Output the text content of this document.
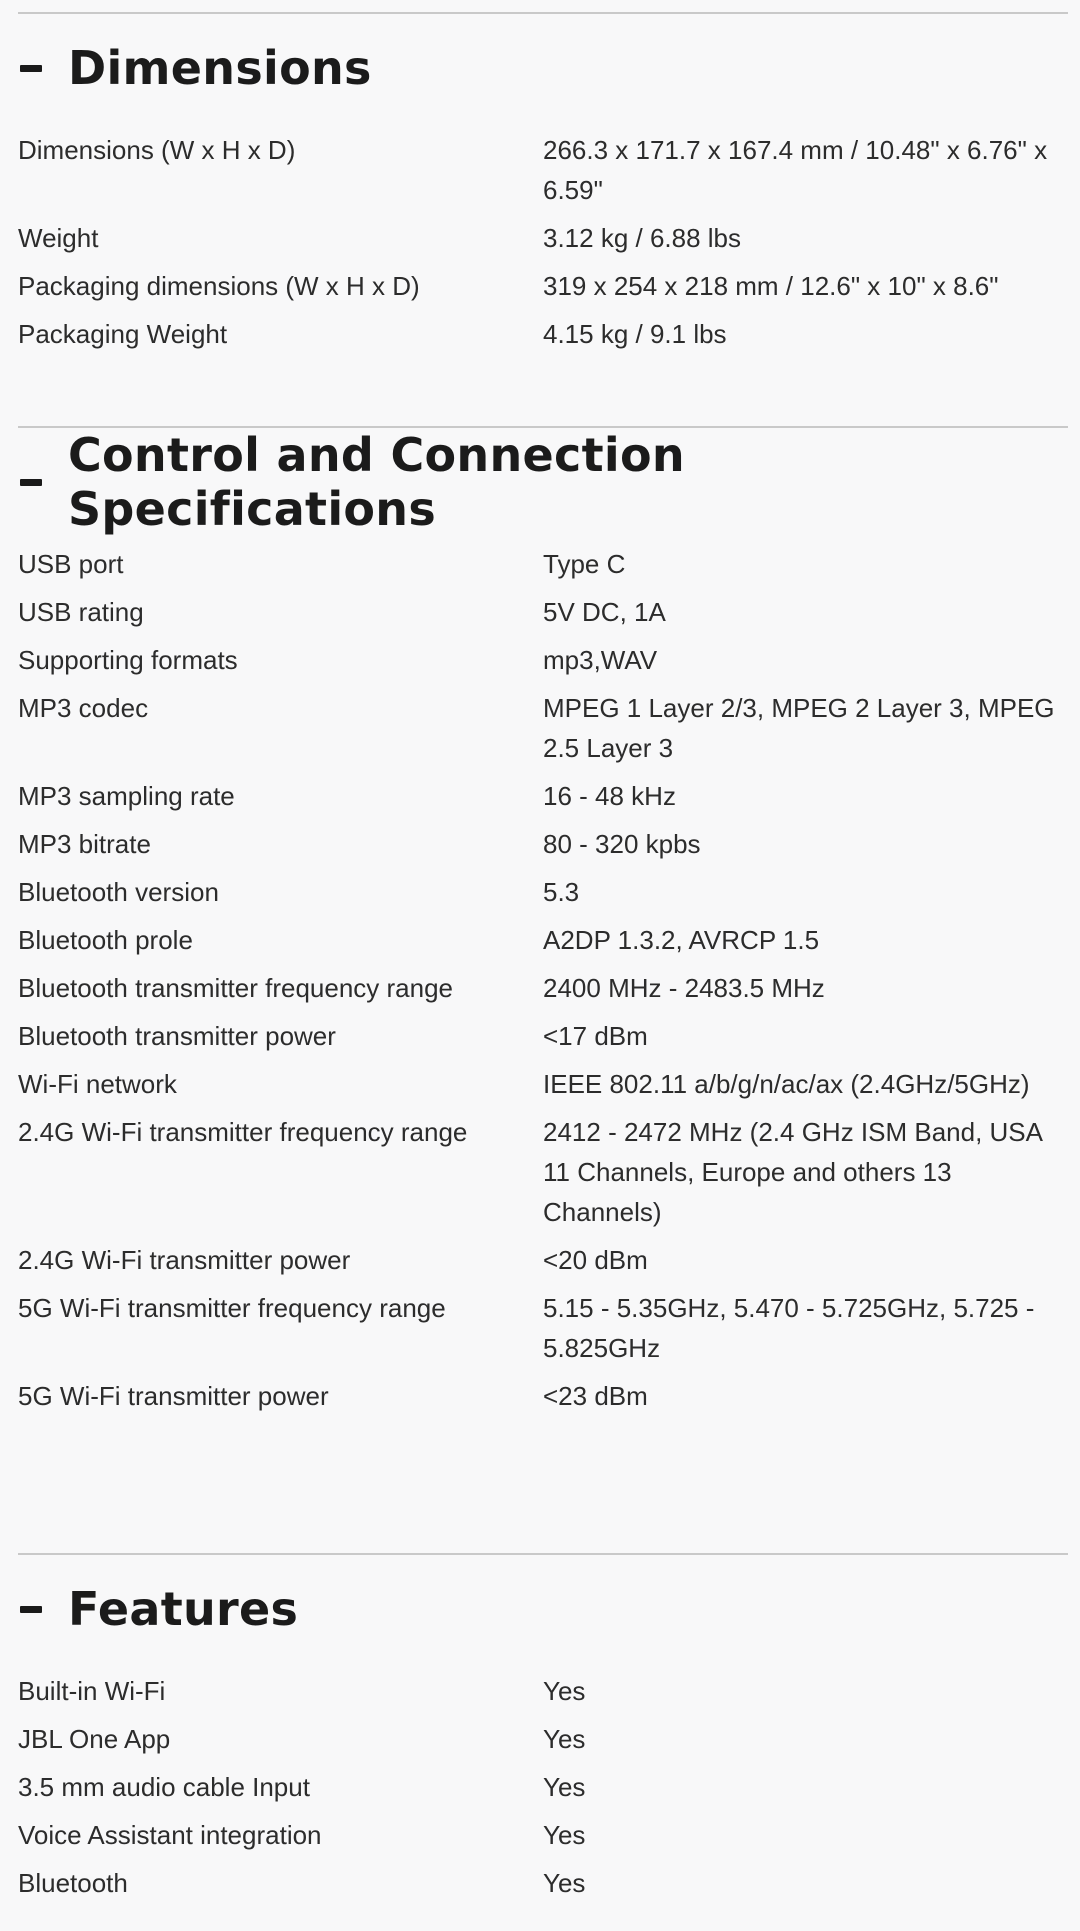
Dimensions
Dimensions (W x H x D)	266.3 x 171.7 x 167.4 mm / 10.48" x 6.76" x 6.59"
Weight	3.12 kg / 6.88 lbs
Packaging dimensions (W x H x D)	319 x 254 x 218 mm / 12.6" x 10" x 8.6"
Packaging Weight	4.15 kg / 9.1 lbs
Control and Connection Specifications
USB port	Type C
USB rating	5V DC, 1A
Supporting formats	mp3,WAV
MP3 codec	MPEG 1 Layer 2/3, MPEG 2 Layer 3, MPEG 2.5 Layer 3
MP3 sampling rate	16 - 48 kHz
MP3 bitrate	80 - 320 kpbs
Bluetooth version	5.3
Bluetooth prole	A2DP 1.3.2, AVRCP 1.5
Bluetooth transmitter frequency range	2400 MHz - 2483.5 MHz
Bluetooth transmitter power	<17 dBm
Wi-Fi network	IEEE 802.11 a/b/g/n/ac/ax (2.4GHz/5GHz)
2.4G Wi-Fi transmitter frequency range	2412 - 2472 MHz (2.4 GHz ISM Band, USA 11 Channels, Europe and others 13 Channels)
2.4G Wi-Fi transmitter power	<20 dBm
5G Wi-Fi transmitter frequency range	5.15 - 5.35GHz, 5.470 - 5.725GHz, 5.725 - 5.825GHz
5G Wi-Fi transmitter power	<23 dBm
Features
Built-in Wi-Fi	Yes
JBL One App	Yes
3.5 mm audio cable Input	Yes
Voice Assistant integration	Yes
Bluetooth	Yes
